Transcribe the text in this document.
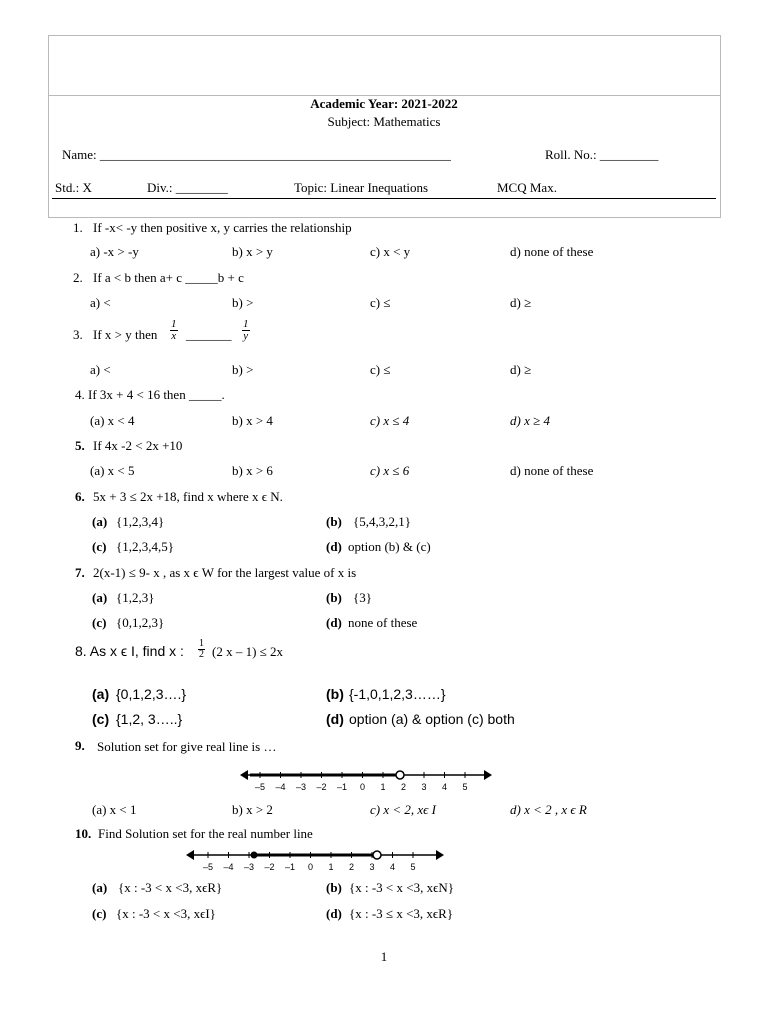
Academic Year: 2021-2022
Subject: Mathematics
Name: ______________________________________________________	Roll. No.: _________
Std.: X	Div.: ________	Topic: Linear Inequations	MCQ Max.
1. If -x< -y then positive x, y carries the relationship
a) -x > -y	b) x > y	c) x < y	d) none of these
2. If a < b then a+ c _____b + c
a) <	b) >	c) ≤	d) ≥
3. If x > y then $\frac{1}{x}$ _______ $\frac{1}{y}$
a) <	b) >	c) ≤	d) ≥
4. If 3x + 4 < 16 then _____.
(a) x < 4	b) x > 4	c) x ≤ 4	d) x ≥ 4
5. If 4x -2 < 2x +10
(a) x < 5	b) x > 6	c) x ≤ 6	d) none of these
6. 5x + 3 ≤ 2x +18, find x where x ϵ N.
(a) {1,2,3,4}	(b) {5,4,3,2,1}
(c) {1,2,3,4,5}	(d) option (b) & (c)
7. 2(x-1) ≤ 9- x , as x ϵ W for the largest value of x is
(a) {1,2,3}	(b) {3}
(c) {0,1,2,3}	(d) none of these
8. As x ϵ I, find x : $\frac{1}{2} (2$ x – 1) ≤ 2x
(a) {0,1,2,3….}	(b) {-1,0,1,2,3……}
(c) {1,2, 3…..}	(d) option (a) & option (c) both
9. Solution set for give real line is …
–5 –4 –3 –2 –1 0 1 2 3 4 5
(a) x < 1	b) x > 2	c) x < 2, xϵ I	d) x < 2 , x ϵ R
10. Find Solution set for the real number line
–5 –4 –3 –2 –1 0 1 2 3 4 5
(a) {x : -3 < x <3, xϵR}	(b) {x : -3 < x <3, xϵN}
(c) {x : -3 < x <3, xϵI}	(d) {x : -3 ≤ x <3, xϵR}
1
